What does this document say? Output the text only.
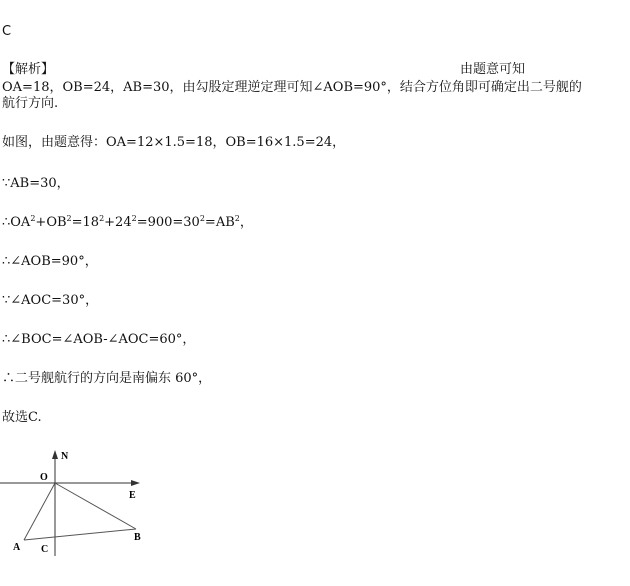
C
【解析】	由题意可知
OA=18，OB=24，AB=30，由勾股定理逆定理可知∠AOB=90°，结合方位角即可确定出二号舰的
航行方向.
如图，由题意得：OA=12×1.5=18，OB=16×1.5=24，
∵AB=30，
$\therefore OA^2+OB^2=18^2+24^2=900=30^2=AB^2$，
∴∠AOB=90°，
∵∠AOC=30°，
∴∠BOC=∠AOB-∠AOC=60°，
∴二号舰航行的方向是南偏东 60°，
故选C.
N
E
O
A
B
C
